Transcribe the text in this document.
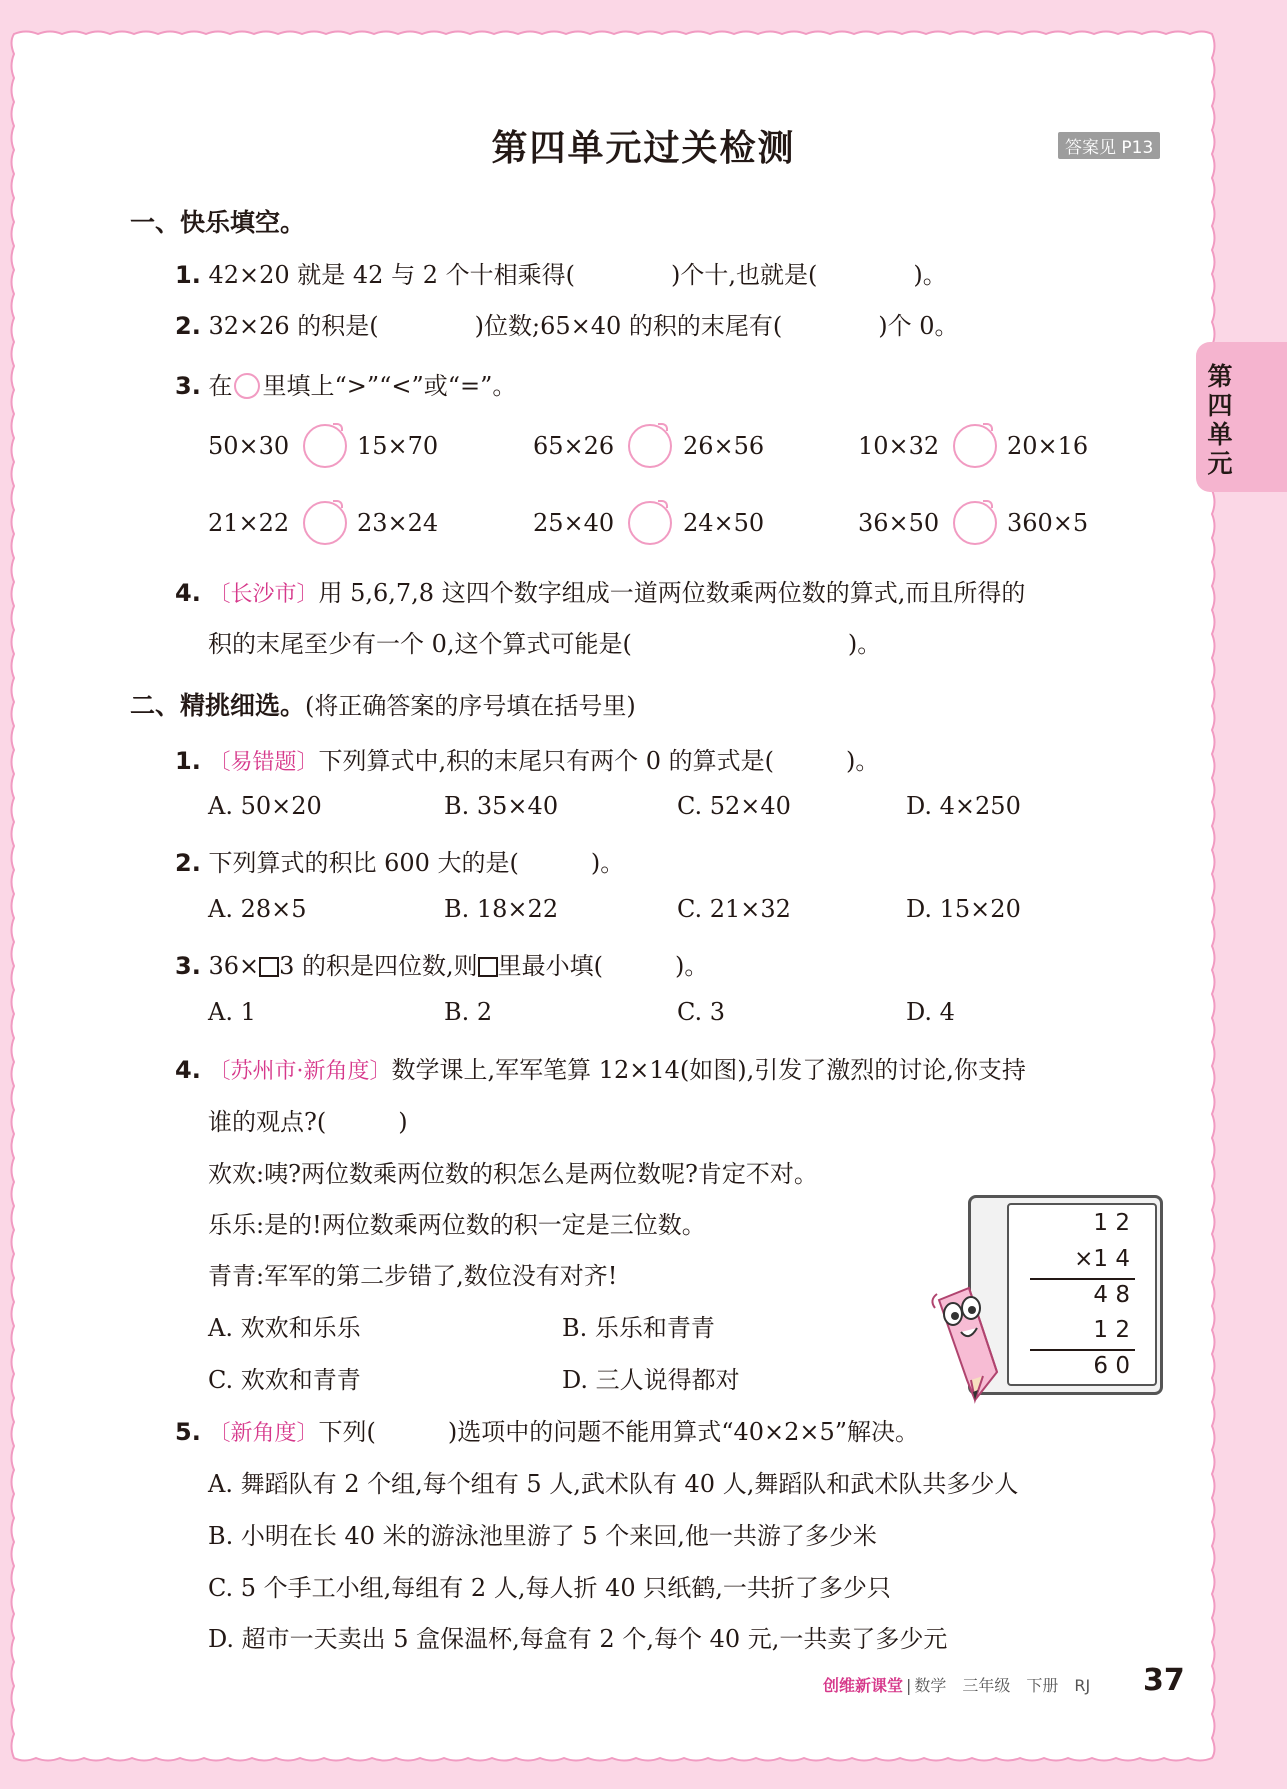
第四单元
第四单元过关检测	答案见 P13
一、快乐填空。
1. 42×20 就是 42 与 2 个十相乘得(　　　　)个十,也就是(　　　　)。
2. 32×26 的积是(　　　　)位数;65×40 的积的末尾有(　　　　)个 0。
3. 在 里填上“>”“<”或“=”。
50×30	15×70	65×26	26×56	10×32	20×16
21×22	23×24	25×40	24×50	36×50	360×5
4. 〔长沙市〕用 5,6,7,8 这四个数字组成一道两位数乘两位数的算式,而且所得的
积的末尾至少有一个 0,这个算式可能是(　　　　　　　　　)。
二、精挑细选。(将正确答案的序号填在括号里)
1. 〔易错题〕下列算式中,积的末尾只有两个 0 的算式是(　　　)。
A. 50×20	B. 35×40	C. 52×40	D. 4×250
2. 下列算式的积比 600 大的是(　　　)。
A. 28×5	B. 18×22	C. 21×32	D. 15×20
3. 36× 3 的积是四位数,则 里最小填(　　　)。
A. 1	B. 2	C. 3	D. 4
4. 〔苏州市·新角度〕数学课上,军军笔算 12×14(如图),引发了激烈的讨论,你支持
谁的观点?(　　　)
欢欢:咦?两位数乘两位数的积怎么是两位数呢?肯定不对。
乐乐:是的!两位数乘两位数的积一定是三位数。
青青:军军的第二步错了,数位没有对齐!
A. 欢欢和乐乐	B. 乐乐和青青
C. 欢欢和青青	D. 三人说得都对
1 2
×1 4
4 8
1 2
6 0
5. 〔新角度〕下列(　　　)选项中的问题不能用算式“40×2×5”解决。
A. 舞蹈队有 2 个组,每个组有 5 人,武术队有 40 人,舞蹈队和武术队共多少人
B. 小明在长 40 米的游泳池里游了 5 个来回,他一共游了多少米
C. 5 个手工小组,每组有 2 人,每人折 40 只纸鹤,一共折了多少只
D. 超市一天卖出 5 盒保温杯,每盒有 2 个,每个 40 元,一共卖了多少元
创维新课堂 | 数学　三年级　下册　RJ 37
